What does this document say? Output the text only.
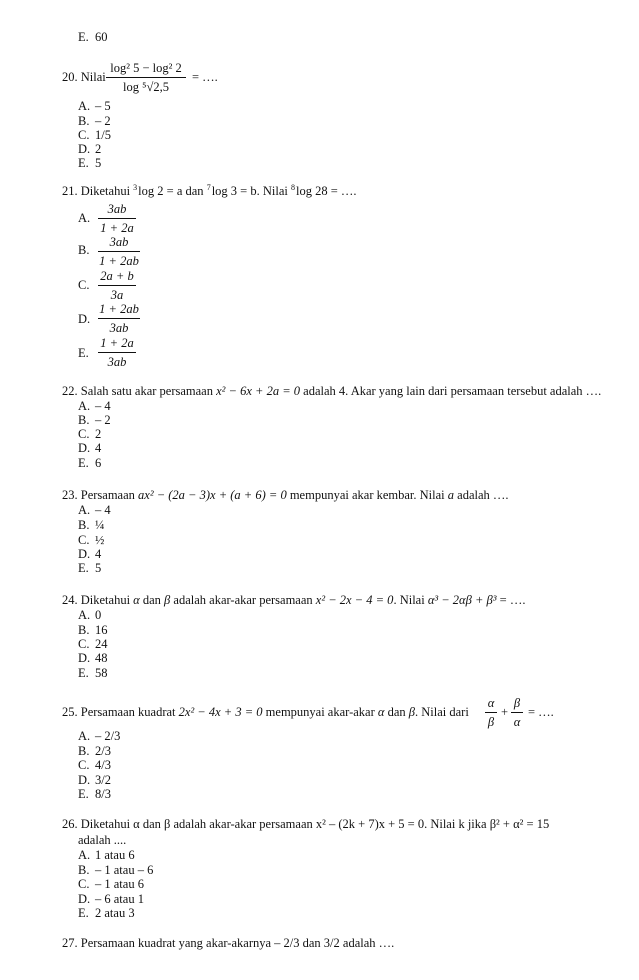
E. 60
20. Nilai
log² 5 − log² 2
log ⁵√2,5
= ….
A. – 5
B. – 2
C. 1/5
D. 2
E. 5
21. Diketahui $^3$log 2 = a dan $^7$log 3 = b. Nilai $^8$log 28 = ….
A.
3ab
1 + 2a
B.
3ab
1 + 2ab
C.
2a + b
3a
D.
1 + 2ab
3ab
E.
1 + 2a
3ab
22. Salah satu akar persamaan x² − 6x + 2a = 0 adalah 4. Akar yang lain dari persamaan tersebut adalah ….
A. – 4
B. – 2
C. 2
D. 4
E. 6
23. Persamaan ax² − (2a − 3)x + (a + 6) = 0 mempunyai akar kembar. Nilai a adalah ….
A. – 4
B. ¼
C. ½
D. 4
E. 5
24. Diketahui α dan β adalah akar-akar persamaan x² − 2x − 4 = 0. Nilai α³ − 2αβ + β³ = ….
A. 0
B. 16
C. 24
D. 48
E. 58
25. Persamaan kuadrat 2x² − 4x + 3 = 0 mempunyai akar-akar α dan β. Nilai dari
α
β
+
β
α
= ….
A. – 2/3
B. 2/3
C. 4/3
D. 3/2
E. 8/3
26. Diketahui α dan β adalah akar-akar persamaan x² – (2k + 7)x + 5 = 0. Nilai k jika β² + α² = 15
adalah ....
A. 1 atau 6
B. – 1 atau – 6
C. – 1 atau 6
D. – 6 atau 1
E. 2 atau 3
27. Persamaan kuadrat yang akar-akarnya – 2/3 dan 3/2 adalah ….
